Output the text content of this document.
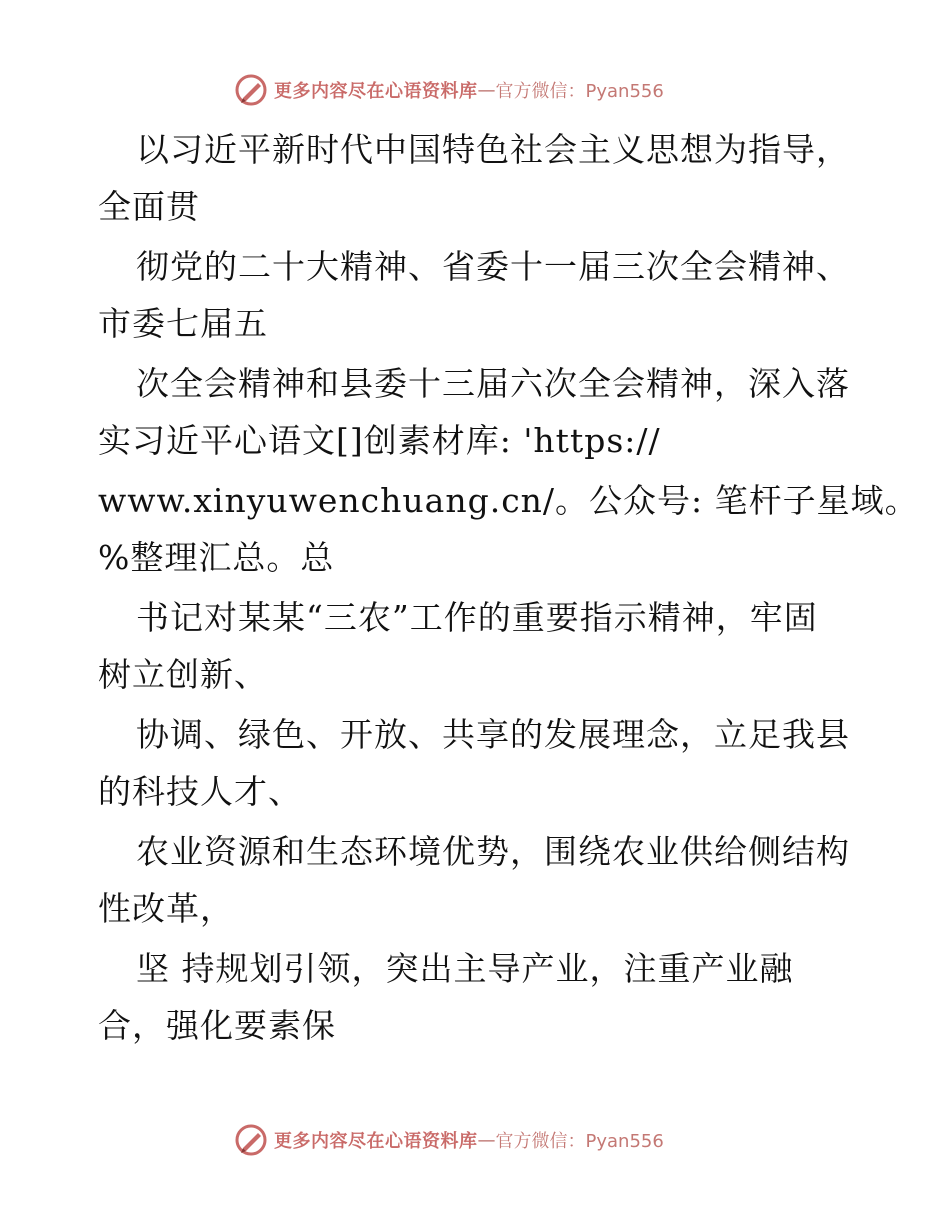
更多内容尽在心语资料库 — 官方微信：Pyan556
以习近平新时代中国特色社会主义思想为指导，
全面贯
彻党的二十大精神、省委十一届三次全会精神、
市委七届五
次全会精神和县委十三届六次全会精神，深入落
实习近平心语文[]创素材库: 'https://
www.xinyuwenchuang.cn/。公众号: 笔杆子星域。
%整理汇总。总
书记对某某“三农”工作的重要指示精神，牢固
树立创新、
协调、绿色、开放、共享的发展理念，立足我县
的科技人才、
农业资源和生态环境优势，围绕农业供给侧结构
性改革，
坚 持规划引领，突出主导产业，注重产业融
合，强化要素保
更多内容尽在心语资料库 — 官方微信：Pyan556
